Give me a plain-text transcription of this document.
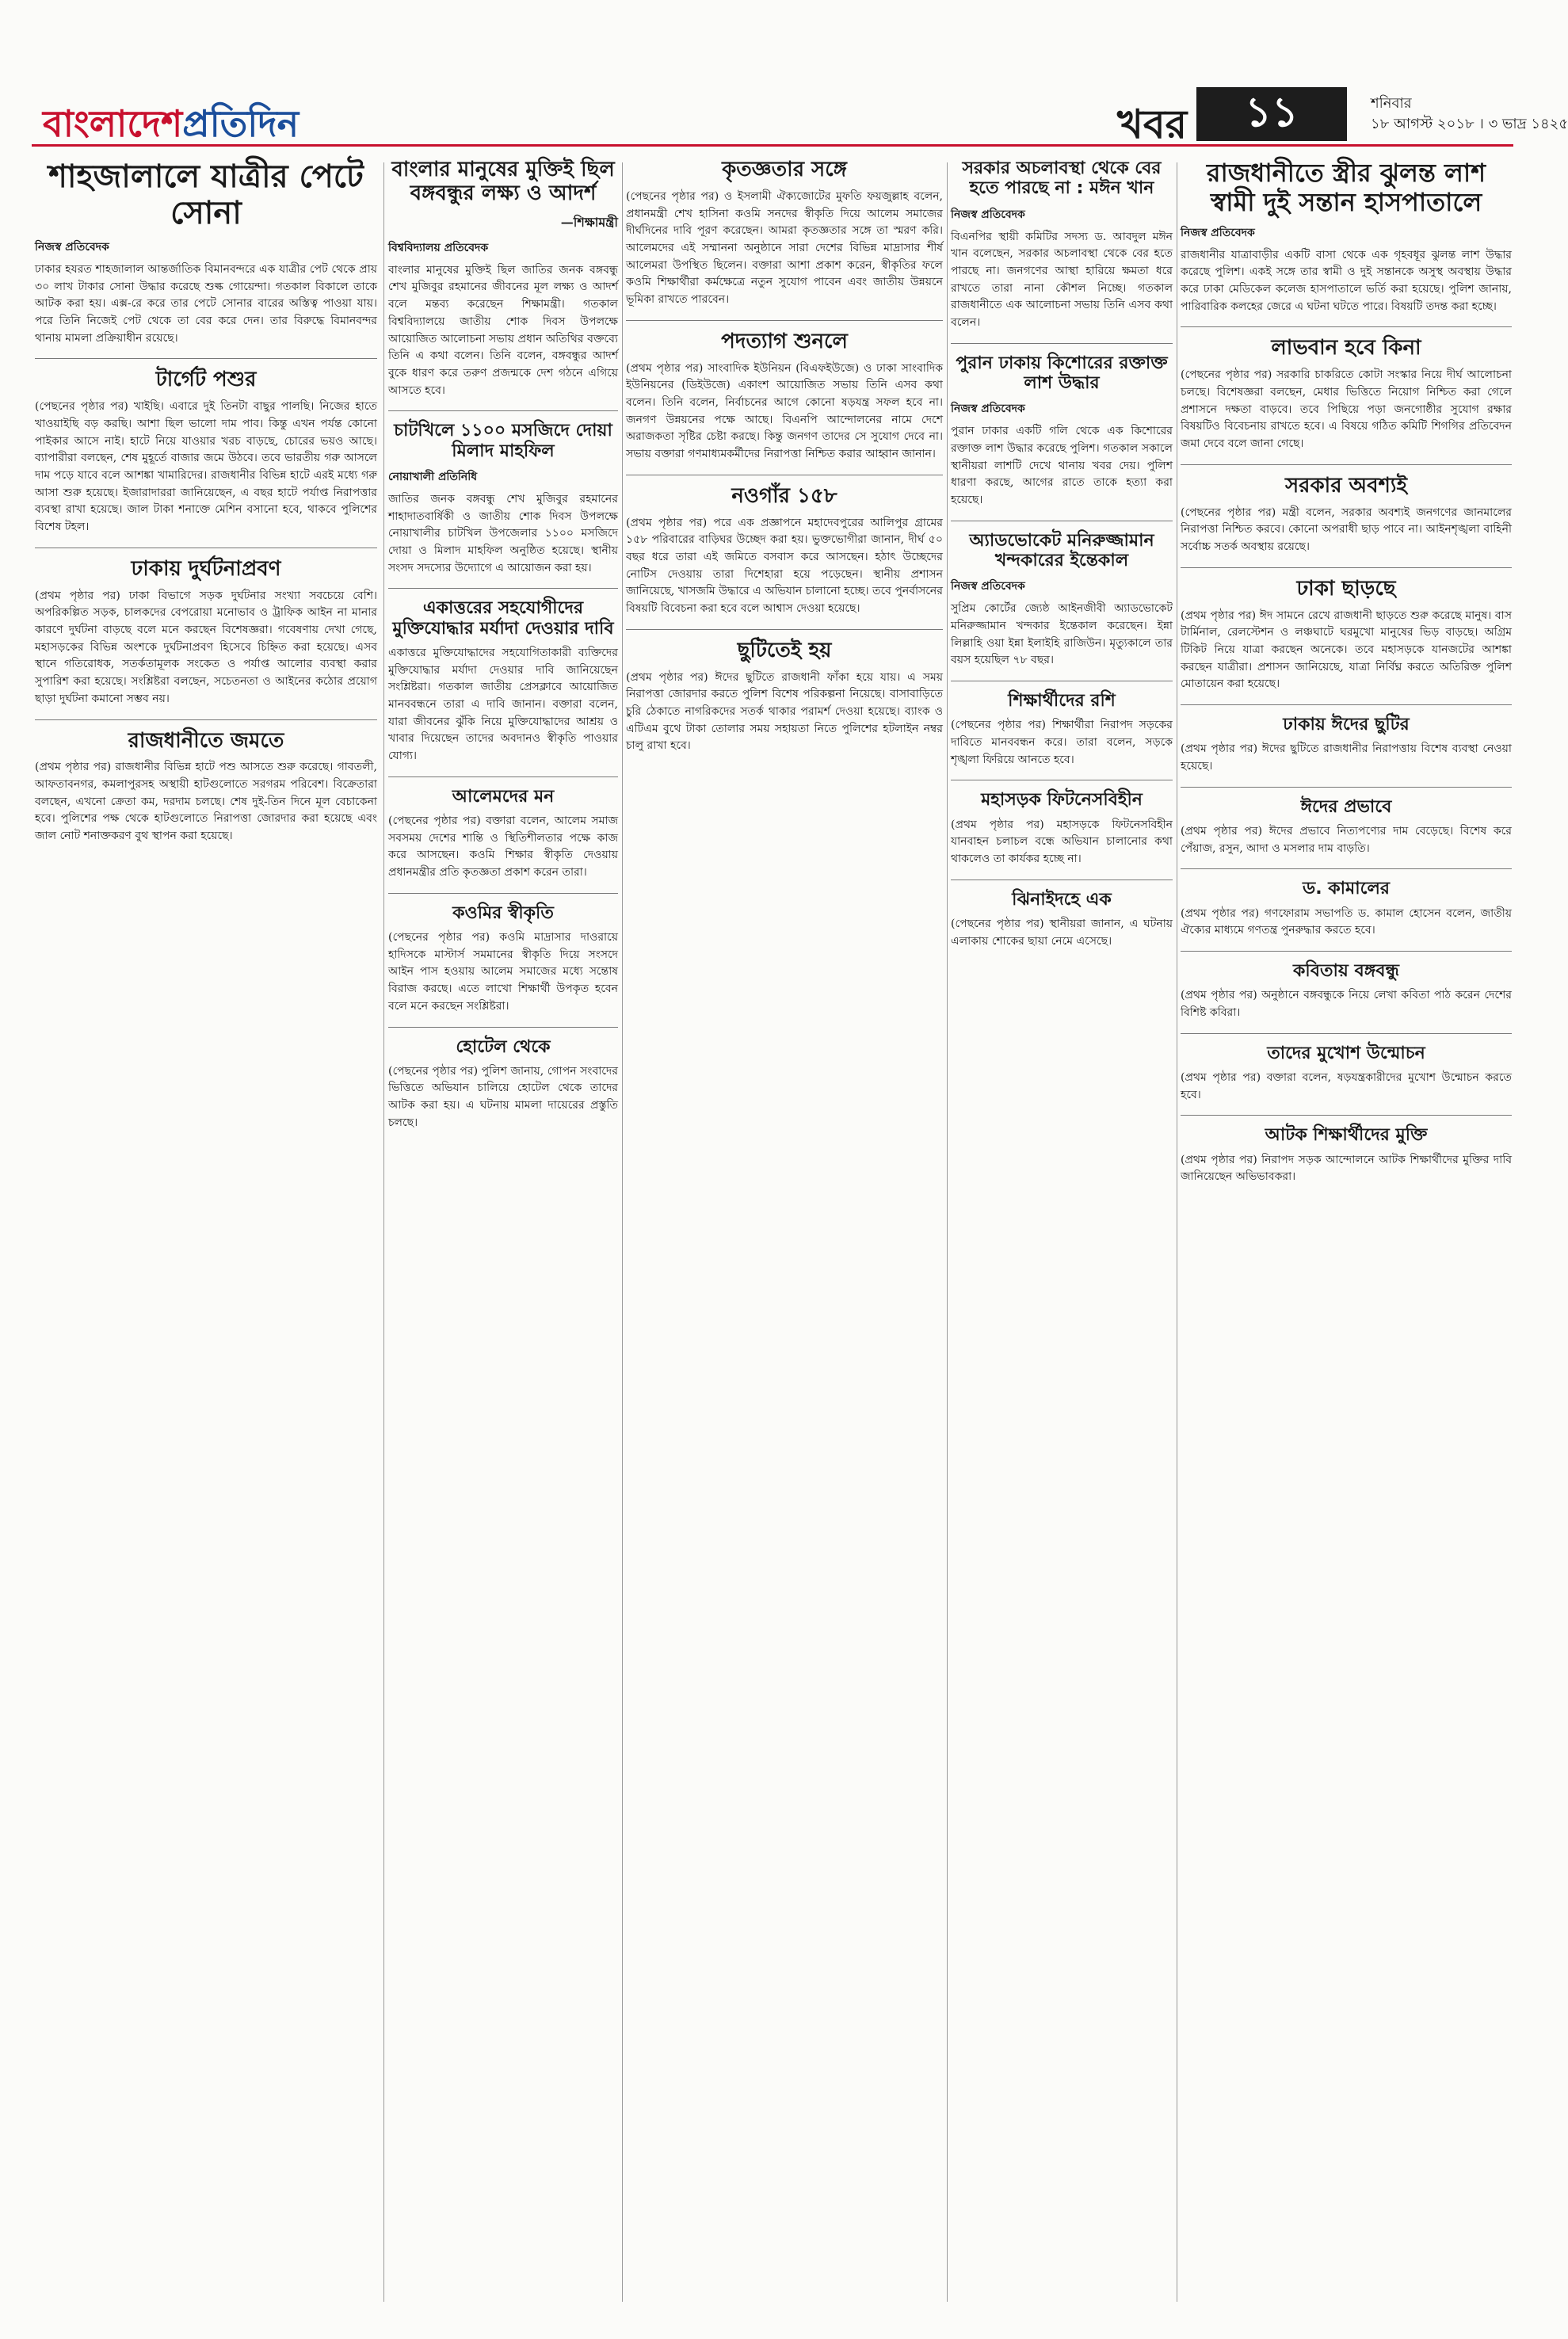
বাংলাদেশপ্রতিদিন	খবর	১১	শনিবার
১৮ আগস্ট ২০১৮ । ৩ ভাদ্র ১৪২৫
শাহজালালে যাত্রীর পেটে সোনা
নিজস্ব প্রতিবেদক

ঢাকার হযরত শাহজালাল আন্তর্জাতিক বিমানবন্দরে এক যাত্রীর পেট থেকে প্রায় ৩০ লাখ টাকার সোনা উদ্ধার করেছে শুল্ক গোয়েন্দা। গতকাল বিকালে তাকে আটক করা হয়। এক্স-রে করে তার পেটে সোনার বারের অস্তিত্ব পাওয়া যায়। পরে তিনি নিজেই পেট থেকে তা বের করে দেন। তার বিরুদ্ধে বিমানবন্দর থানায় মামলা প্রক্রিয়াধীন রয়েছে।

টার্গেট পশুর

(পেছনের পৃষ্ঠার পর) খাইছি। এবারে দুই তিনটা বাছুর পালছি। নিজের হাতে খাওয়াইছি বড় করছি। আশা ছিল ভালো দাম পাব। কিন্তু এখন পর্যন্ত কোনো পাইকার আসে নাই। হাটে নিয়ে যাওয়ার খরচ বাড়ছে, চোরের ভয়ও আছে। ব্যাপারীরা বলছেন, শেষ মুহূর্তে বাজার জমে উঠবে। তবে ভারতীয় গরু আসলে দাম পড়ে যাবে বলে আশঙ্কা খামারিদের। রাজধানীর বিভিন্ন হাটে এরই মধ্যে গরু আসা শুরু হয়েছে। ইজারাদাররা জানিয়েছেন, এ বছর হাটে পর্যাপ্ত নিরাপত্তার ব্যবস্থা রাখা হয়েছে। জাল টাকা শনাক্তে মেশিন বসানো হবে, থাকবে পুলিশের বিশেষ টহল।

ঢাকায় দুর্ঘটনাপ্রবণ

(প্রথম পৃষ্ঠার পর) ঢাকা বিভাগে সড়ক দুর্ঘটনার সংখ্যা সবচেয়ে বেশি। অপরিকল্পিত সড়ক, চালকদের বেপরোয়া মনোভাব ও ট্রাফিক আইন না মানার কারণে দুর্ঘটনা বাড়ছে বলে মনে করছেন বিশেষজ্ঞরা। গবেষণায় দেখা গেছে, মহাসড়কের বিভিন্ন অংশকে দুর্ঘটনাপ্রবণ হিসেবে চিহ্নিত করা হয়েছে। এসব স্থানে গতিরোধক, সতর্কতামূলক সংকেত ও পর্যাপ্ত আলোর ব্যবস্থা করার সুপারিশ করা হয়েছে। সংশ্লিষ্টরা বলছেন, সচেতনতা ও আইনের কঠোর প্রয়োগ ছাড়া দুর্ঘটনা কমানো সম্ভব নয়।

রাজধানীতে জমতে

(প্রথম পৃষ্ঠার পর) রাজধানীর বিভিন্ন হাটে পশু আসতে শুরু করেছে। গাবতলী, আফতাবনগর, কমলাপুরসহ অস্থায়ী হাটগুলোতে সরগরম পরিবেশ। বিক্রেতারা বলছেন, এখনো ক্রেতা কম, দরদাম চলছে। শেষ দুই-তিন দিনে মূল বেচাকেনা হবে। পুলিশের পক্ষ থেকে হাটগুলোতে নিরাপত্তা জোরদার করা হয়েছে এবং জাল নোট শনাক্তকরণ বুথ স্থাপন করা হয়েছে।

বাংলার মানুষের মুক্তিই ছিল বঙ্গবন্ধুর লক্ষ্য ও আদর্শ
—শিক্ষামন্ত্রী
বিশ্ববিদ্যালয় প্রতিবেদক

বাংলার মানুষের মুক্তিই ছিল জাতির জনক বঙ্গবন্ধু শেখ মুজিবুর রহমানের জীবনের মূল লক্ষ্য ও আদর্শ বলে মন্তব্য করেছেন শিক্ষামন্ত্রী। গতকাল বিশ্ববিদ্যালয়ে জাতীয় শোক দিবস উপলক্ষে আয়োজিত আলোচনা সভায় প্রধান অতিথির বক্তব্যে তিনি এ কথা বলেন। তিনি বলেন, বঙ্গবন্ধুর আদর্শ বুকে ধারণ করে তরুণ প্রজন্মকে দেশ গঠনে এগিয়ে আসতে হবে।

চাটখিলে ১১০০ মসজিদে দোয়া মিলাদ মাহফিল
নোয়াখালী প্রতিনিধি

জাতির জনক বঙ্গবন্ধু শেখ মুজিবুর রহমানের শাহাদাতবার্ষিকী ও জাতীয় শোক দিবস উপলক্ষে নোয়াখালীর চাটখিল উপজেলার ১১০০ মসজিদে দোয়া ও মিলাদ মাহফিল অনুষ্ঠিত হয়েছে। স্থানীয় সংসদ সদস্যের উদ্যোগে এ আয়োজন করা হয়।

একাত্তরের সহযোগীদের মুক্তিযোদ্ধার মর্যাদা দেওয়ার দাবি

একাত্তরে মুক্তিযোদ্ধাদের সহযোগিতাকারী ব্যক্তিদের মুক্তিযোদ্ধার মর্যাদা দেওয়ার দাবি জানিয়েছেন সংশ্লিষ্টরা। গতকাল জাতীয় প্রেসক্লাবে আয়োজিত মানববন্ধনে তারা এ দাবি জানান। বক্তারা বলেন, যারা জীবনের ঝুঁকি নিয়ে মুক্তিযোদ্ধাদের আশ্রয় ও খাবার দিয়েছেন তাদের অবদানও স্বীকৃতি পাওয়ার যোগ্য।

আলেমদের মন

(পেছনের পৃষ্ঠার পর) বক্তারা বলেন, আলেম সমাজ সবসময় দেশের শান্তি ও স্থিতিশীলতার পক্ষে কাজ করে আসছেন। কওমি শিক্ষার স্বীকৃতি দেওয়ায় প্রধানমন্ত্রীর প্রতি কৃতজ্ঞতা প্রকাশ করেন তারা।

কওমির স্বীকৃতি

(পেছনের পৃষ্ঠার পর) কওমি মাদ্রাসার দাওরায়ে হাদিসকে মাস্টার্স সমমানের স্বীকৃতি দিয়ে সংসদে আইন পাস হওয়ায় আলেম সমাজের মধ্যে সন্তোষ বিরাজ করছে। এতে লাখো শিক্ষার্থী উপকৃত হবেন বলে মনে করছেন সংশ্লিষ্টরা।

হোটেল থেকে

(পেছনের পৃষ্ঠার পর) পুলিশ জানায়, গোপন সংবাদের ভিত্তিতে অভিযান চালিয়ে হোটেল থেকে তাদের আটক করা হয়। এ ঘটনায় মামলা দায়েরের প্রস্তুতি চলছে।

কৃতজ্ঞতার সঙ্গে

(পেছনের পৃষ্ঠার পর) ও ইসলামী ঐক্যজোটের মুফতি ফয়জুল্লাহ বলেন, প্রধানমন্ত্রী শেখ হাসিনা কওমি সনদের স্বীকৃতি দিয়ে আলেম সমাজের দীর্ঘদিনের দাবি পূরণ করেছেন। আমরা কৃতজ্ঞতার সঙ্গে তা স্মরণ করি। আলেমদের এই সম্মাননা অনুষ্ঠানে সারা দেশের বিভিন্ন মাদ্রাসার শীর্ষ আলেমরা উপস্থিত ছিলেন। বক্তারা আশা প্রকাশ করেন, স্বীকৃতির ফলে কওমি শিক্ষার্থীরা কর্মক্ষেত্রে নতুন সুযোগ পাবেন এবং জাতীয় উন্নয়নে ভূমিকা রাখতে পারবেন।

পদত্যাগ শুনলে

(প্রথম পৃষ্ঠার পর) সাংবাদিক ইউনিয়ন (বিএফইউজে) ও ঢাকা সাংবাদিক ইউনিয়নের (ডিইউজে) একাংশ আয়োজিত সভায় তিনি এসব কথা বলেন। তিনি বলেন, নির্বাচনের আগে কোনো ষড়যন্ত্র সফল হবে না। জনগণ উন্নয়নের পক্ষে আছে। বিএনপি আন্দোলনের নামে দেশে অরাজকতা সৃষ্টির চেষ্টা করছে। কিন্তু জনগণ তাদের সে সুযোগ দেবে না। সভায় বক্তারা গণমাধ্যমকর্মীদের নিরাপত্তা নিশ্চিত করার আহ্বান জানান।

নওগাঁর ১৫৮

(প্রথম পৃষ্ঠার পর) পরে এক প্রজ্ঞাপনে মহাদেবপুরের আলিপুর গ্রামের ১৫৮ পরিবারের বাড়িঘর উচ্ছেদ করা হয়। ভুক্তভোগীরা জানান, দীর্ঘ ৫০ বছর ধরে তারা এই জমিতে বসবাস করে আসছেন। হঠাৎ উচ্ছেদের নোটিস দেওয়ায় তারা দিশেহারা হয়ে পড়েছেন। স্থানীয় প্রশাসন জানিয়েছে, খাসজমি উদ্ধারে এ অভিযান চালানো হচ্ছে। তবে পুনর্বাসনের বিষয়টি বিবেচনা করা হবে বলে আশ্বাস দেওয়া হয়েছে।

ছুটিতেই হয়

(প্রথম পৃষ্ঠার পর) ঈদের ছুটিতে রাজধানী ফাঁকা হয়ে যায়। এ সময় নিরাপত্তা জোরদার করতে পুলিশ বিশেষ পরিকল্পনা নিয়েছে। বাসাবাড়িতে চুরি ঠেকাতে নাগরিকদের সতর্ক থাকার পরামর্শ দেওয়া হয়েছে। ব্যাংক ও এটিএম বুথে টাকা তোলার সময় সহায়তা নিতে পুলিশের হটলাইন নম্বর চালু রাখা হবে।

সরকার অচলাবস্থা থেকে বের হতে পারছে না : মঈন খান
নিজস্ব প্রতিবেদক

বিএনপির স্থায়ী কমিটির সদস্য ড. আবদুল মঈন খান বলেছেন, সরকার অচলাবস্থা থেকে বের হতে পারছে না। জনগণের আস্থা হারিয়ে ক্ষমতা ধরে রাখতে তারা নানা কৌশল নিচ্ছে। গতকাল রাজধানীতে এক আলোচনা সভায় তিনি এসব কথা বলেন।

পুরান ঢাকায় কিশোরের রক্তাক্ত লাশ উদ্ধার
নিজস্ব প্রতিবেদক

পুরান ঢাকার একটি গলি থেকে এক কিশোরের রক্তাক্ত লাশ উদ্ধার করেছে পুলিশ। গতকাল সকালে স্থানীয়রা লাশটি দেখে থানায় খবর দেয়। পুলিশ ধারণা করছে, আগের রাতে তাকে হত্যা করা হয়েছে।

অ্যাডভোকেট মনিরুজ্জামান খন্দকারের ইন্তেকাল
নিজস্ব প্রতিবেদক

সুপ্রিম কোর্টের জ্যেষ্ঠ আইনজীবী অ্যাডভোকেট মনিরুজ্জামান খন্দকার ইন্তেকাল করেছেন। ইন্না লিল্লাহি ওয়া ইন্না ইলাইহি রাজিউন। মৃত্যুকালে তার বয়স হয়েছিল ৭৮ বছর।

শিক্ষার্থীদের রশি

(পেছনের পৃষ্ঠার পর) শিক্ষার্থীরা নিরাপদ সড়কের দাবিতে মানববন্ধন করে। তারা বলেন, সড়কে শৃঙ্খলা ফিরিয়ে আনতে হবে।

মহাসড়ক ফিটনেসবিহীন

(প্রথম পৃষ্ঠার পর) মহাসড়কে ফিটনেসবিহীন যানবাহন চলাচল বন্ধে অভিযান চালানোর কথা থাকলেও তা কার্যকর হচ্ছে না।

ঝিনাইদহে এক

(পেছনের পৃষ্ঠার পর) স্থানীয়রা জানান, এ ঘটনায় এলাকায় শোকের ছায়া নেমে এসেছে।

রাজধানীতে স্ত্রীর ঝুলন্ত লাশ স্বামী দুই সন্তান হাসপাতালে
নিজস্ব প্রতিবেদক

রাজধানীর যাত্রাবাড়ীর একটি বাসা থেকে এক গৃহবধূর ঝুলন্ত লাশ উদ্ধার করেছে পুলিশ। একই সঙ্গে তার স্বামী ও দুই সন্তানকে অসুস্থ অবস্থায় উদ্ধার করে ঢাকা মেডিকেল কলেজ হাসপাতালে ভর্তি করা হয়েছে। পুলিশ জানায়, পারিবারিক কলহের জেরে এ ঘটনা ঘটতে পারে। বিষয়টি তদন্ত করা হচ্ছে।

লাভবান হবে কিনা

(পেছনের পৃষ্ঠার পর) সরকারি চাকরিতে কোটা সংস্কার নিয়ে দীর্ঘ আলোচনা চলছে। বিশেষজ্ঞরা বলছেন, মেধার ভিত্তিতে নিয়োগ নিশ্চিত করা গেলে প্রশাসনে দক্ষতা বাড়বে। তবে পিছিয়ে পড়া জনগোষ্ঠীর সুযোগ রক্ষার বিষয়টিও বিবেচনায় রাখতে হবে। এ বিষয়ে গঠিত কমিটি শিগগির প্রতিবেদন জমা দেবে বলে জানা গেছে।

সরকার অবশ্যই

(পেছনের পৃষ্ঠার পর) মন্ত্রী বলেন, সরকার অবশ্যই জনগণের জানমালের নিরাপত্তা নিশ্চিত করবে। কোনো অপরাধী ছাড় পাবে না। আইনশৃঙ্খলা বাহিনী সর্বোচ্চ সতর্ক অবস্থায় রয়েছে।

ঢাকা ছাড়ছে

(প্রথম পৃষ্ঠার পর) ঈদ সামনে রেখে রাজধানী ছাড়তে শুরু করেছে মানুষ। বাস টার্মিনাল, রেলস্টেশন ও লঞ্চঘাটে ঘরমুখো মানুষের ভিড় বাড়ছে। অগ্রিম টিকিট নিয়ে যাত্রা করছেন অনেকে। তবে মহাসড়কে যানজটের আশঙ্কা করছেন যাত্রীরা। প্রশাসন জানিয়েছে, যাত্রা নির্বিঘ্ন করতে অতিরিক্ত পুলিশ মোতায়েন করা হয়েছে।

ঢাকায় ঈদের ছুটির

(প্রথম পৃষ্ঠার পর) ঈদের ছুটিতে রাজধানীর নিরাপত্তায় বিশেষ ব্যবস্থা নেওয়া হয়েছে।

ঈদের প্রভাবে

(প্রথম পৃষ্ঠার পর) ঈদের প্রভাবে নিত্যপণ্যের দাম বেড়েছে। বিশেষ করে পেঁয়াজ, রসুন, আদা ও মসলার দাম বাড়তি।

ড. কামালের

(প্রথম পৃষ্ঠার পর) গণফোরাম সভাপতি ড. কামাল হোসেন বলেন, জাতীয় ঐক্যের মাধ্যমে গণতন্ত্র পুনরুদ্ধার করতে হবে।

কবিতায় বঙ্গবন্ধু

(প্রথম পৃষ্ঠার পর) অনুষ্ঠানে বঙ্গবন্ধুকে নিয়ে লেখা কবিতা পাঠ করেন দেশের বিশিষ্ট কবিরা।

তাদের মুখোশ উন্মোচন

(প্রথম পৃষ্ঠার পর) বক্তারা বলেন, ষড়যন্ত্রকারীদের মুখোশ উন্মোচন করতে হবে।

আটক শিক্ষার্থীদের মুক্তি

(প্রথম পৃষ্ঠার পর) নিরাপদ সড়ক আন্দোলনে আটক শিক্ষার্থীদের মুক্তির দাবি জানিয়েছেন অভিভাবকরা।
